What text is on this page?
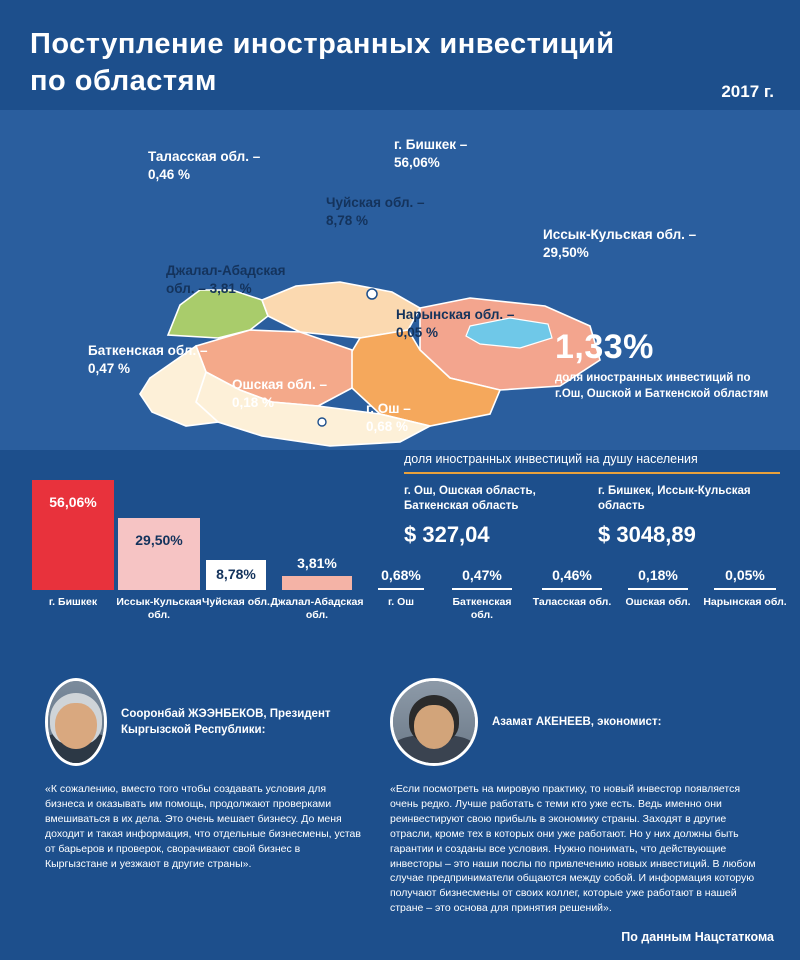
Поступление иностранных инвестиций по областям	2017 г.
Таласская обл. –
0,46 %
г. Бишкек –
56,06%
Чуйская обл. –
8,78 %
Иссык-Кульская обл. –
29,50%
Джалал-Абадская
обл. – 3,81 %
Нарынская обл. –
0,05 %
Баткенская обл. –
0,47 %
Ошская обл. –
0,18 %	г. Ош –
0,68 %
1,33%
доля иностранных инвестиций по г.Ош, Ошской и Баткенской областям
доля иностранных инвестиций на душу населения
г. Ош, Ошская область, Баткенская область
$ 327,04
г. Бишкек, Иссык-Кульская область
$ 3048,89
56,06%
г. Бишкек
29,50%
Иссык-Кульская обл.
8,78%
Чуйская обл.
3,81%
Джалал-Абадская обл.
0,68%
г. Ош
0,47%
Баткенская обл.
0,46%
Таласская обл.
0,18%
Ошская обл.
0,05%
Нарынская обл.
Сооронбай ЖЭЭНБЕКОВ, Президент Кыргызской Республики:
«К сожалению, вместо того чтобы создавать условия для бизнеса и оказывать им помощь, продолжают проверками вмешиваться в их дела. Это очень мешает бизнесу. До меня доходит и такая информация, что отдельные бизнесмены, устав от барьеров и проверок, сворачивают свой бизнес в Кыргызстане и уезжают в другие страны».
Азамат АКЕНЕЕВ, экономист:
«Если посмотреть на мировую практику, то новый инвестор появляется очень редко. Лучше работать с теми кто уже есть. Ведь именно они реинвестируют свою прибыль в экономику страны. Заходят в другие отрасли, кроме тех в которых они уже работают. Но у них должны быть гарантии и созданы все условия. Нужно понимать, что действующие инвесторы – это наши послы по привлечению новых инвестиций. В любом случае предприниматели общаются между собой. И информация которую получают бизнесмены от своих коллег, которые уже работают в нашей стране – это основа для принятия решений».
По данным Нацстаткома
